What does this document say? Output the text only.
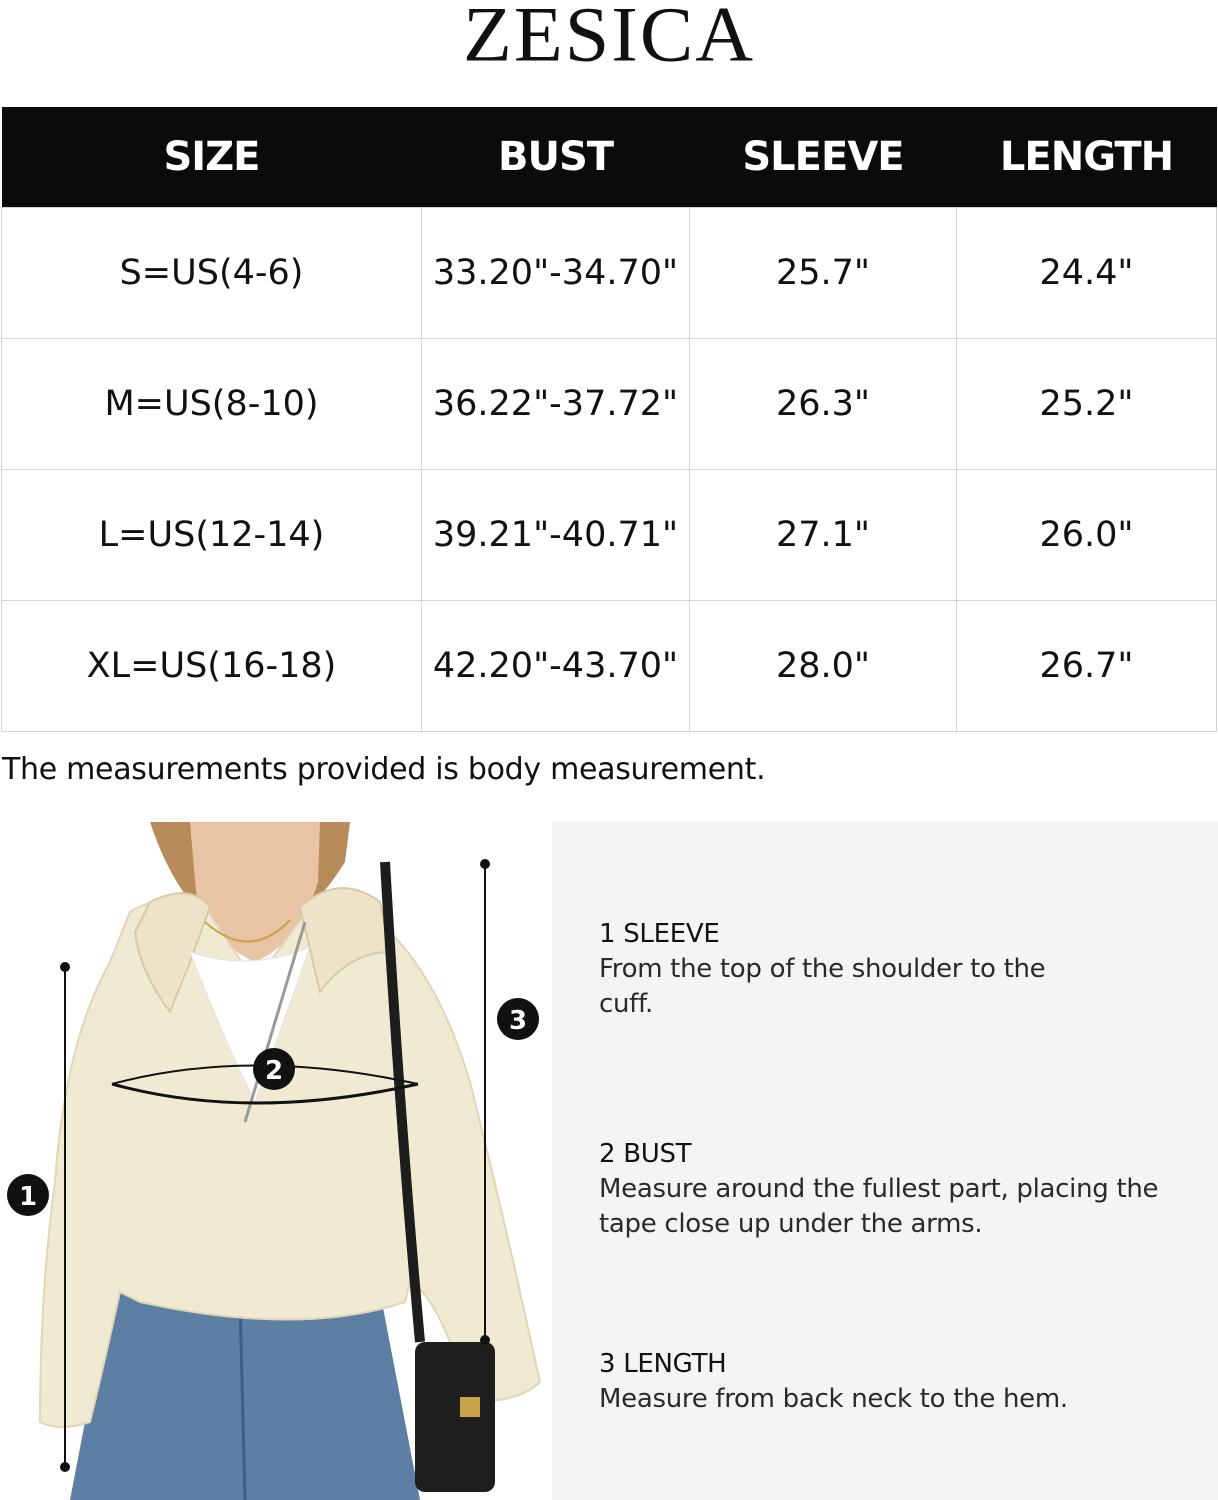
ZESICA
SIZE	BUST	SLEEVE	LENGTH
S=US(4-6)	33.20"-34.70"	25.7"	24.4"
M=US(8-10)	36.22"-37.72"	26.3"	25.2"
L=US(12-14)	39.21"-40.71"	27.1"	26.0"
XL=US(16-18)	42.20"-43.70"	28.0"	26.7"
The measurements provided is body measurement.
1
2
3
1 SLEEVE
From the top of the shoulder to the cuff.
2 BUST
Measure around the fullest part, placing the tape close up under the arms.
3 LENGTH
Measure from back neck to the hem.
